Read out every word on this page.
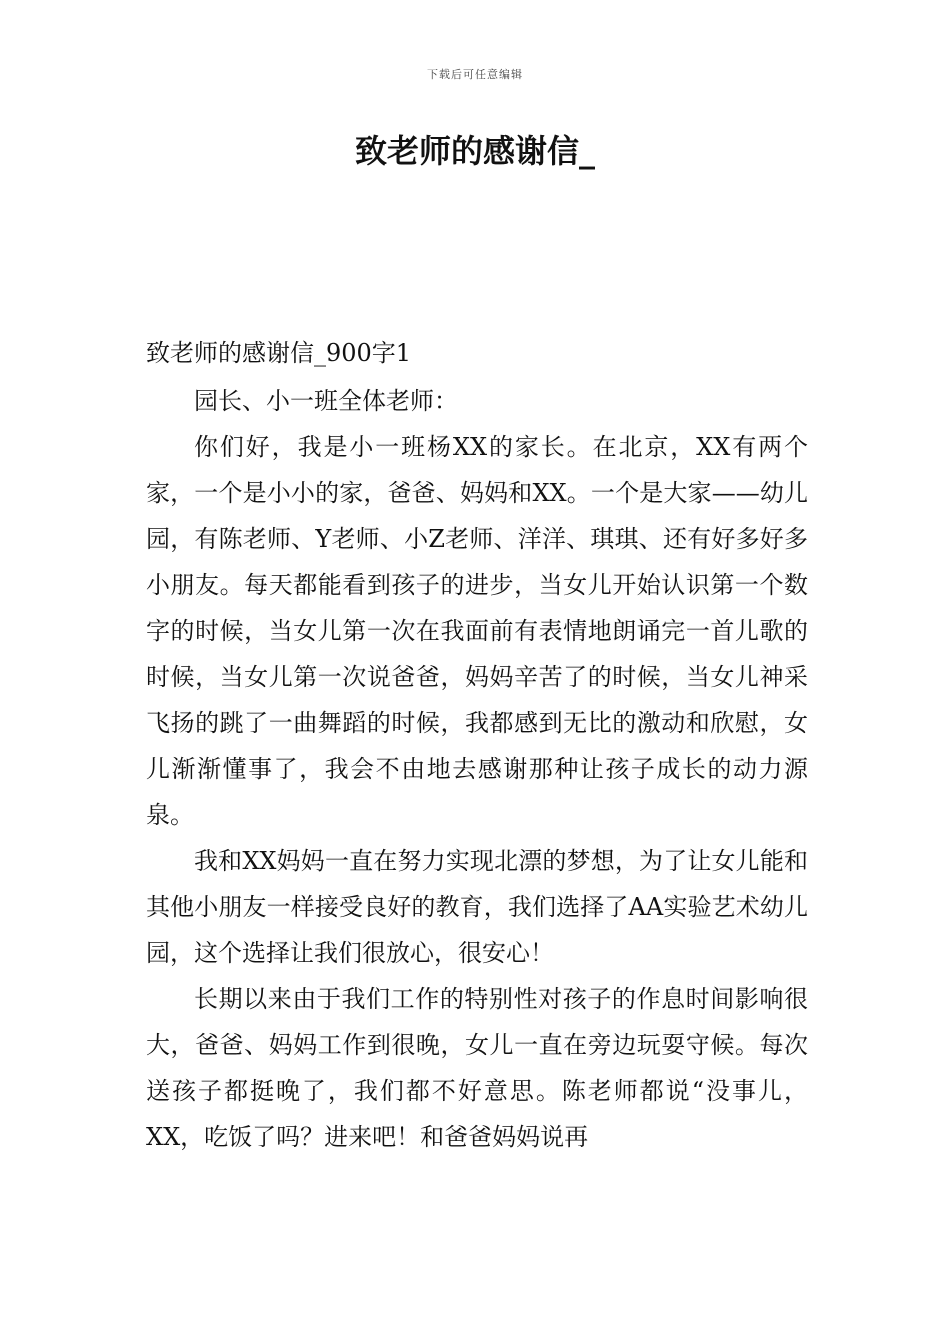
下载后可任意编辑
致老师的感谢信_
致老师的感谢信_900字1

园长、小一班全体老师：

你们好，我是小一班杨XX的家长。在北京，XX有两个家，一个是小小的家，爸爸、妈妈和XX。一个是大家——幼儿园，有陈老师、Y老师、小Z老师、洋洋、琪琪、还有好多好多小朋友。每天都能看到孩子的进步，当女儿开始认识第一个数字的时候，当女儿第一次在我面前有表情地朗诵完一首儿歌的时候，当女儿第一次说爸爸，妈妈辛苦了的时候，当女儿神采飞扬的跳了一曲舞蹈的时候，我都感到无比的激动和欣慰，女儿渐渐懂事了，我会不由地去感谢那种让孩子成长的动力源泉。

我和XX妈妈一直在努力实现北漂的梦想，为了让女儿能和其他小朋友一样接受良好的教育，我们选择了AA实验艺术幼儿园，这个选择让我们很放心，很安心！

长期以来由于我们工作的特别性对孩子的作息时间影响很大，爸爸、妈妈工作到很晚，女儿一直在旁边玩耍守候。每次送孩子都挺晚了，我们都不好意思。陈老师都说“没事儿，XX，吃饭了吗？进来吧！和爸爸妈妈说再
